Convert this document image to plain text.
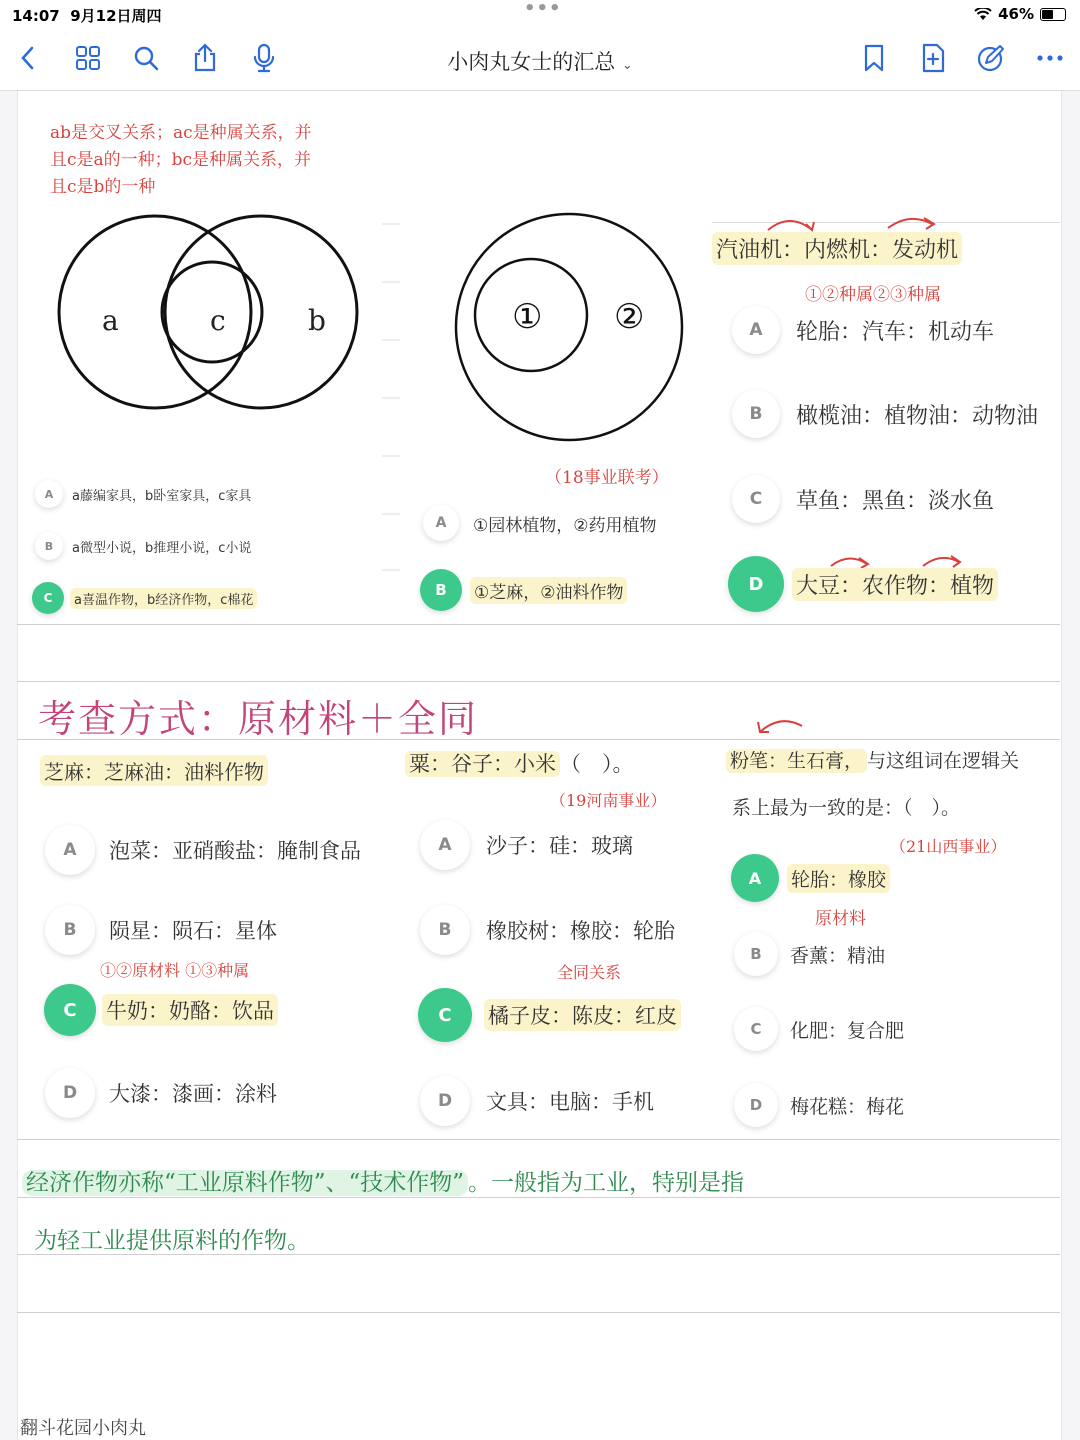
14:07 9月12日周四	•••	46%
小肉丸女士的汇总 ⌄
ab是交叉关系；ac是种属关系，并
且c是a的一种；bc是种属关系，并
且c是b的一种
a	c	b
A	a藤编家具，b卧室家具，c家具
B	a微型小说，b推理小说，c小说
C	a喜温作物，b经济作物，c棉花
① ②
（18事业联考）
A	①园林植物，②药用植物
B	①芝麻，②油料作物
汽油机：内燃机：发动机
①②种属②③种属
A	轮胎：汽车：机动车
B	橄榄油：植物油：动物油
C	草鱼：黑鱼：淡水鱼
D	大豆：农作物：植物
考查方式：原材料＋全同
芝麻：芝麻油：油料作物
A	泡菜：亚硝酸盐：腌制食品
B	陨星：陨石：星体
①②原材料 ①③种属
C	牛奶：奶酪：饮品
D	大漆：漆画：涂料
粟：谷子：小米 （　）。
（19河南事业）
A	沙子：硅：玻璃
B	橡胶树：橡胶：轮胎
全同关系
C	橘子皮：陈皮：红皮
D	文具：电脑：手机
粉笔：生石膏， 与这组词在逻辑关
系上最为一致的是：（　）。
（21山西事业）
A	轮胎：橡胶
原材料
B	香薰：精油
C	化肥：复合肥
D	梅花糕：梅花
经济作物亦称“工业原料作物”、“技术作物” 。一般指为工业，特别是指
为轻工业提供原料的作物。
翻斗花园小肉丸
